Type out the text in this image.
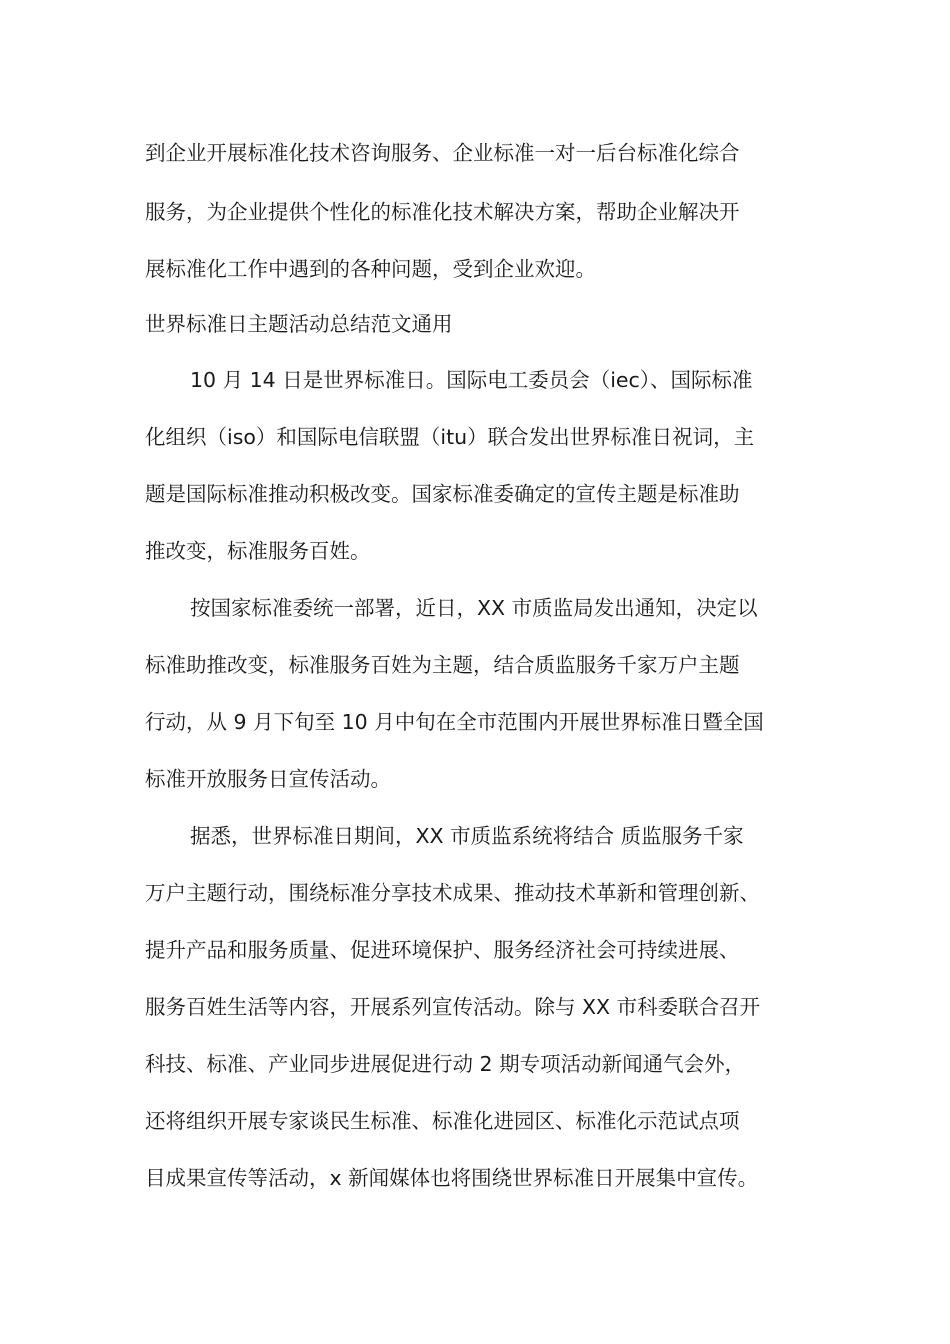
到企业开展标准化技术咨询服务、企业标准一对一后台标准化综合

服务，为企业提供个性化的标准化技术解决方案，帮助企业解决开

展标准化工作中遇到的各种问题，受到企业欢迎。

世界标准日主题活动总结范文通用

10 月 14 日是世界标准日。国际电工委员会（iec）、国际标准

化组织（iso）和国际电信联盟（itu）联合发出世界标准日祝词，主

题是国际标准推动积极改变。国家标准委确定的宣传主题是标准助

推改变，标准服务百姓。

按国家标准委统一部署，近日，XX 市质监局发出通知，决定以

标准助推改变，标准服务百姓为主题，结合质监服务千家万户主题

行动，从 9 月下旬至 10 月中旬在全市范围内开展世界标准日暨全国

标准开放服务日宣传活动。

据悉，世界标准日期间，XX 市质监系统将结合 质监服务千家

万户主题行动，围绕标准分享技术成果、推动技术革新和管理创新、

提升产品和服务质量、促进环境保护、服务经济社会可持续进展、

服务百姓生活等内容，开展系列宣传活动。除与 XX 市科委联合召开

科技、标准、产业同步进展促进行动 2 期专项活动新闻通气会外，

还将组织开展专家谈民生标准、标准化进园区、标准化示范试点项

目成果宣传等活动，x 新闻媒体也将围绕世界标准日开展集中宣传。
